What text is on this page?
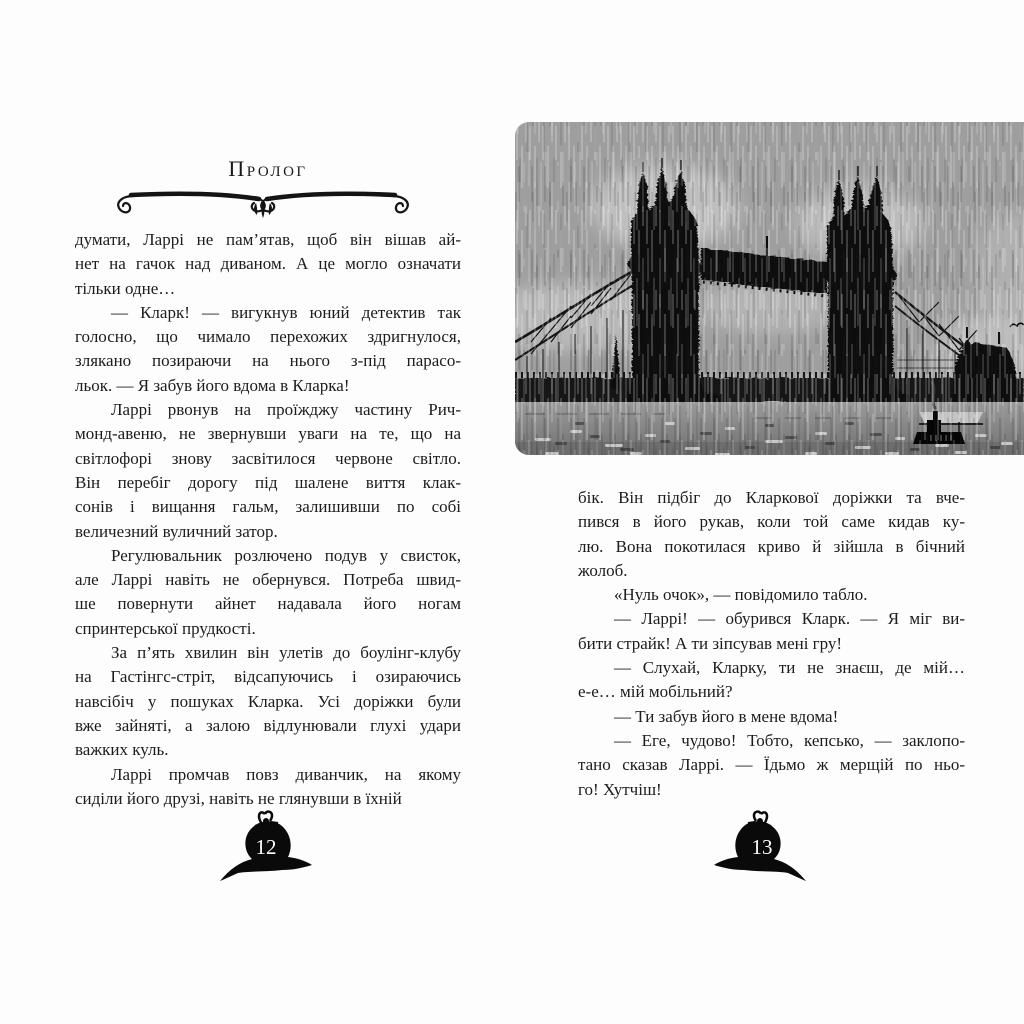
Пролог
думати, Ларрі не пам’ятав, щоб він вішав ай-
нет на гачок над диваном. А це могло означати
тільки одне…
— Кларк! — вигукнув юний детектив так
голосно, що чимало перехожих здригнулося,
злякано позираючи на нього з-під парасо-
льок. — Я забув його вдома в Кларка!
Ларрі рвонув на проїжджу частину Рич-
монд-авеню, не звернувши уваги на те, що на
світлофорі знову засвітилося червоне світло.
Він перебіг дорогу під шалене виття клак-
сонів і вищання гальм, залишивши по собі
величезний вуличний затор.
Регулювальник розлючено подув у свисток,
але Ларрі навіть не обернувся. Потреба швид-
ше повернути айнет надавала його ногам
спринтерської прудкості.
За п’ять хвилин він улетів до боулінг-клубу
на Гастінгс-стріт, відсапуючись і озираючись
навсібіч у пошуках Кларка. Усі доріжки були
вже зайняті, а залою відлунювали глухі удари
важких куль.
Ларрі промчав повз диванчик, на якому
сиділи його друзі, навіть не глянувши в їхній
бік. Він підбіг до Кларкової доріжки та вче-
пився в його рукав, коли той саме кидав ку-
лю. Вона покотилася криво й зійшла в бічний
жолоб.
«Нуль очок», — повідомило табло.
— Ларрі! — обурився Кларк. — Я міг ви-
бити страйк! А ти зіпсував мені гру!
— Слухай, Кларку, ти не знаєш, де мій…
е-е… мій мобільний?
— Ти забув його в мене вдома!
— Еге, чудово! Тобто, кепсько, — заклопо-
тано сказав Ларрі. — Їдьмо ж мерщій по ньо-
го! Хутчіш!
12	13
